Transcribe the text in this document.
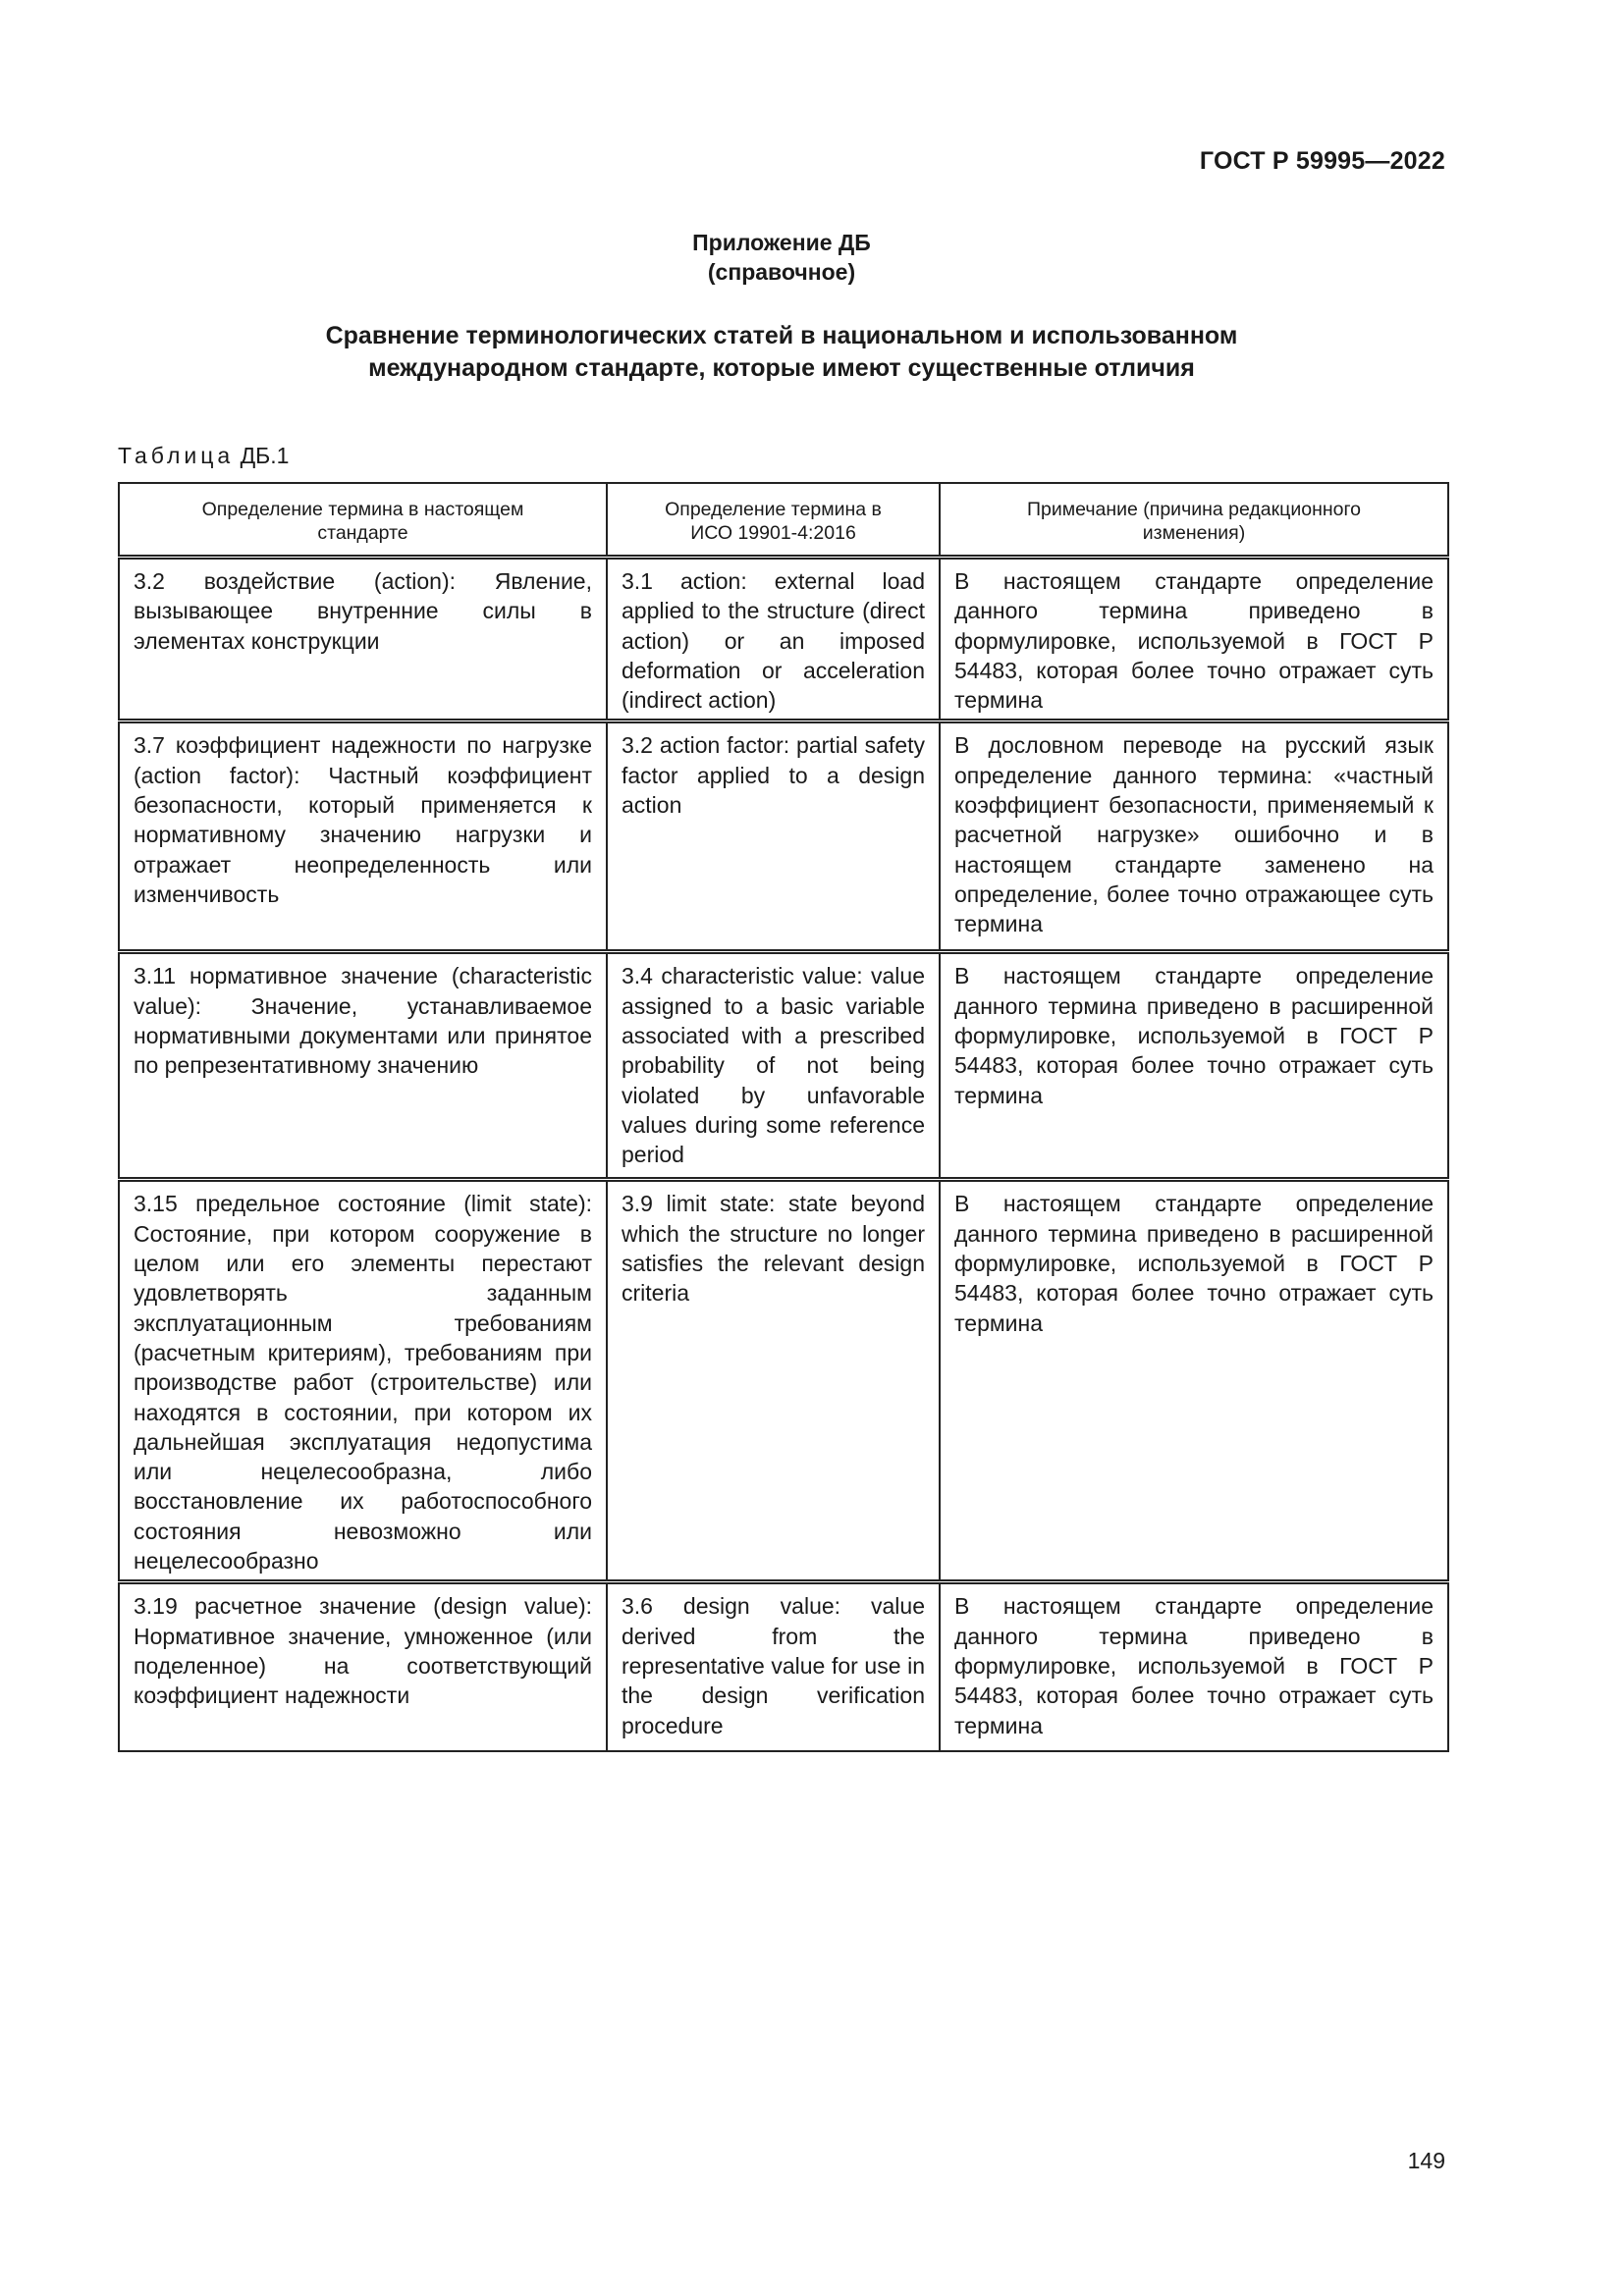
ГОСТ Р 59995—2022
Приложение ДБ
(справочное)
Сравнение терминологических статей в национальном и использованном
международном стандарте, которые имеют существенные отличия
Таблица ДБ.1
Определение термина в настоящем стандарте	Определение термина в ИСО 19901-4:2016	Примечание (причина редакционного изменения)
3.2 воздействие (action): Явление, вызывающее внутренние силы в элементах конструкции	3.1 action: external load applied to the structure (direct action) or an imposed deformation or acceleration (indirect action)	В настоящем стандарте определение данного термина приведено в формулировке, используемой в ГОСТ Р 54483, которая более точно отражает суть термина
3.7 коэффициент надежности по нагрузке (action factor): Частный коэффициент безопасности, который применяется к нормативному значению нагрузки и отражает неопределенность или изменчивость	3.2 action factor: partial safety factor applied to a design action	В дословном переводе на русский язык определение данного термина: «частный коэффициент безопасности, применяемый к расчетной нагрузке» ошибочно и в настоящем стандарте заменено на определение, более точно отражающее суть термина
3.11 нормативное значение (characteristic value): Значение, устанавливаемое нормативными документами или принятое по репрезентативному значению	3.4 characteristic value: value assigned to a basic variable associated with a prescribed probability of not being violated by unfavorable values during some reference period	В настоящем стандарте определение данного термина приведено в расширенной формулировке, используемой в ГОСТ Р 54483, которая более точно отражает суть термина
3.15 предельное состояние (limit state): Состояние, при котором сооружение в целом или его элементы перестают удовлетворять заданным эксплуатационным требованиям (расчетным критериям), требованиям при производстве работ (строительстве) или находятся в состоянии, при котором их дальнейшая эксплуатация недопустима или нецелесообразна, либо восстановление их работоспособного состояния невозможно или нецелесообразно	3.9 limit state: state beyond which the structure no longer satisfies the relevant design criteria	В настоящем стандарте определение данного термина приведено в расширенной формулировке, используемой в ГОСТ Р 54483, которая более точно отражает суть термина
3.19 расчетное значение (design value): Нормативное значение, умноженное (или поделенное) на соответствующий коэффициент надежности	3.6 design value: value derived from the representative value for use in the design verification procedure	В настоящем стандарте определение данного термина приведено в формулировке, используемой в ГОСТ Р 54483, которая более точно отражает суть термина
149
